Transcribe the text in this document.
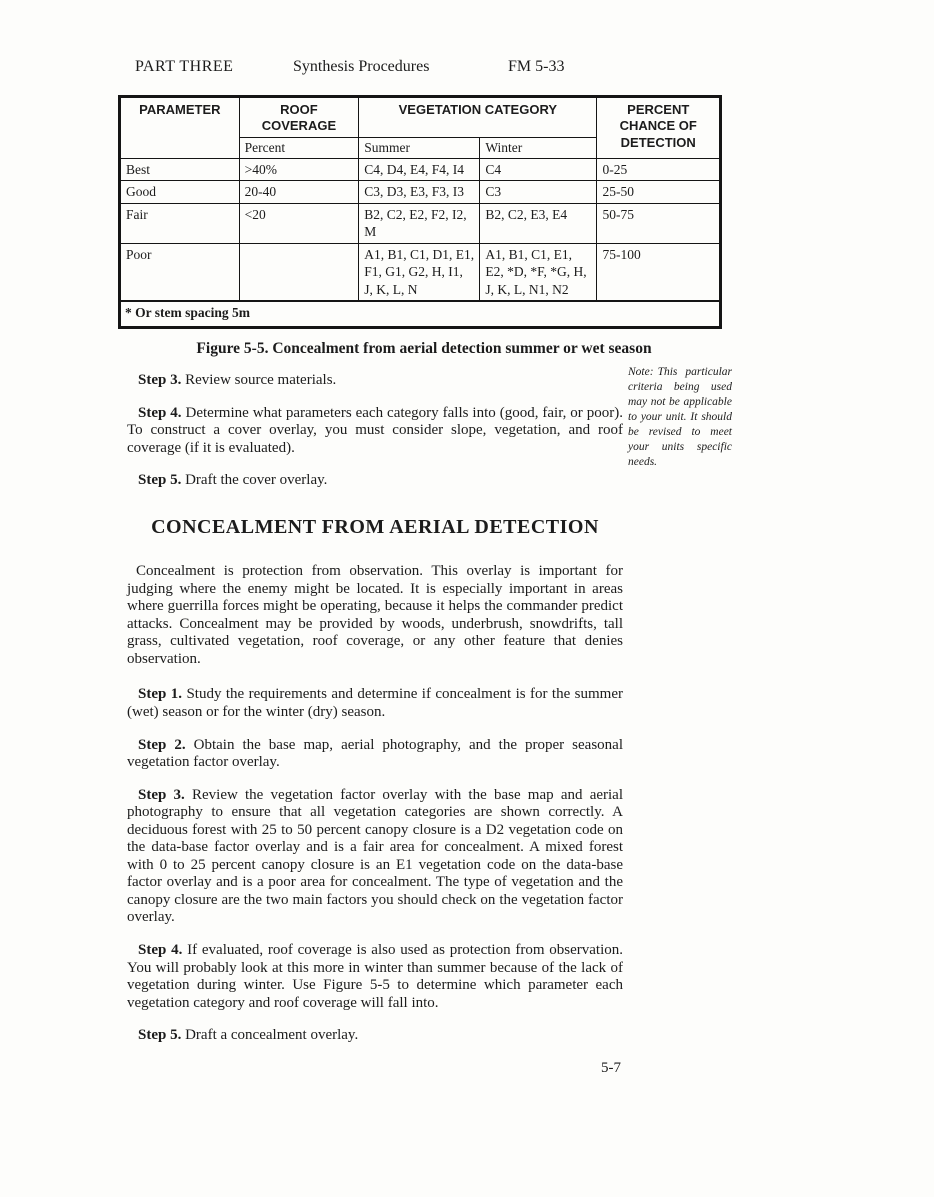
PART THREE	Synthesis Procedures	FM 5-33
PARAMETER	ROOF COVERAGE	VEGETATION CATEGORY		PERCENT CHANCE OF DETECTION
	Percent	Summer	Winter	
Best	>40%	C4, D4, E4, F4, I4	C4	0-25
Good	20-40	C3, D3, E3, F3, I3	C3	25-50
Fair	<20	B2, C2, E2, F2, I2, M	B2, C2, E3, E4	50-75
Poor		A1, B1, C1, D1, E1, F1, G1, G2, H, I1, J, K, L, N	A1, B1, C1, E1, E2, *D, *F, *G, H, J, K, L, N1, N2	75-100
* Or stem spacing 5m				
Figure 5-5. Concealment from aerial detection summer or wet season
Note: This particular criteria being used may not be applicable to your unit. It should be revised to meet your units specific needs.

Step 3. Review source materials.

Step 4. Determine what parameters each category falls into (good, fair, or poor). To construct a cover overlay, you must consider slope, vegetation, and roof coverage (if it is evaluated).

Step 5. Draft the cover overlay.

CONCEALMENT FROM AERIAL DETECTION

Concealment is protection from observation. This overlay is important for judging where the enemy might be located. It is especially important in areas where guerrilla forces might be operating, because it helps the commander predict attacks. Concealment may be provided by woods, underbrush, snowdrifts, tall grass, cultivated vegetation, roof coverage, or any other feature that denies observation.

Step 1. Study the requirements and determine if concealment is for the summer (wet) season or for the winter (dry) season.

Step 2. Obtain the base map, aerial photography, and the proper seasonal vegetation factor overlay.

Step 3. Review the vegetation factor overlay with the base map and aerial photography to ensure that all vegetation categories are shown correctly. A deciduous forest with 25 to 50 percent canopy closure is a D2 vegetation code on the data-base factor overlay and is a fair area for concealment. A mixed forest with 0 to 25 percent canopy closure is an E1 vegetation code on the data-base factor overlay and is a poor area for concealment. The type of vegetation and the canopy closure are the two main factors you should check on the vegetation factor overlay.

Step 4. If evaluated, roof coverage is also used as protection from observation. You will probably look at this more in winter than summer because of the lack of vegetation during winter. Use Figure 5-5 to determine which parameter each vegetation category and roof coverage will fall into.

Step 5. Draft a concealment overlay.

5-7
